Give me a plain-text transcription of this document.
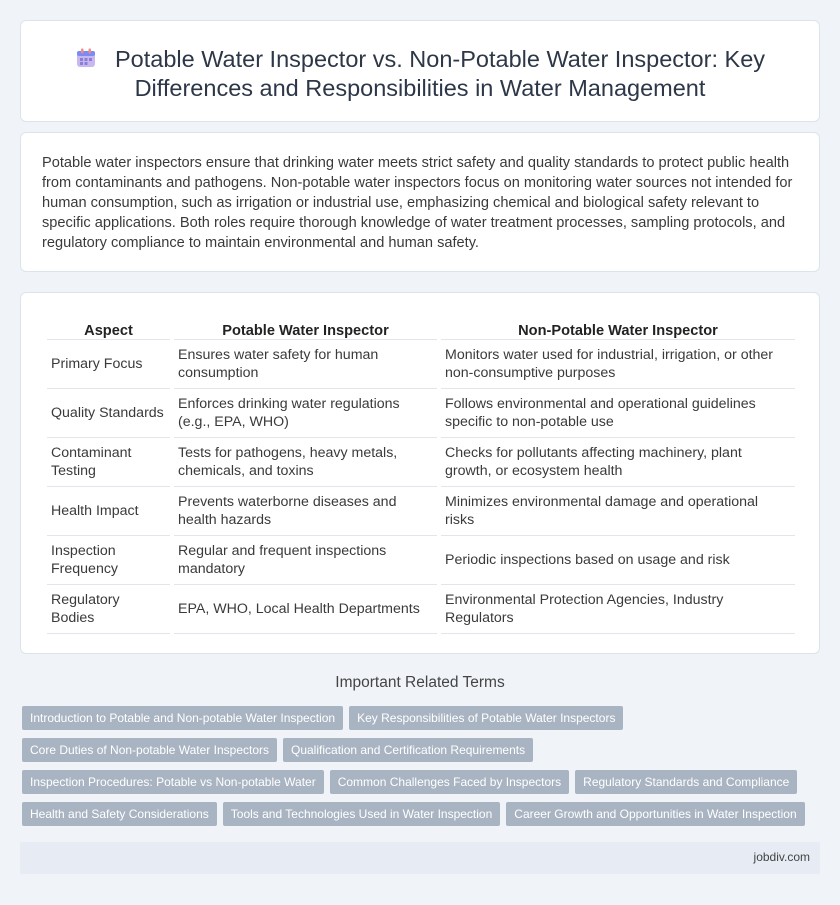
Potable Water Inspector vs. Non-Potable Water Inspector: Key Differences and Responsibilities in Water Management

Potable water inspectors ensure that drinking water meets strict safety and quality standards to protect public health from contaminants and pathogens. Non-potable water inspectors focus on monitoring water sources not intended for human consumption, such as irrigation or industrial use, emphasizing chemical and biological safety relevant to specific applications. Both roles require thorough knowledge of water treatment processes, sampling protocols, and regulatory compliance to maintain environmental and human safety.

Aspect	Potable Water Inspector	Non-Potable Water Inspector
Primary Focus	Ensures water safety for human consumption	Monitors water used for industrial, irrigation, or other non-consumptive purposes
Quality Standards	Enforces drinking water regulations (e.g., EPA, WHO)	Follows environmental and operational guidelines specific to non-potable use
Contaminant Testing	Tests for pathogens, heavy metals, chemicals, and toxins	Checks for pollutants affecting machinery, plant growth, or ecosystem health
Health Impact	Prevents waterborne diseases and health hazards	Minimizes environmental damage and operational risks
Inspection Frequency	Regular and frequent inspections mandatory	Periodic inspections based on usage and risk
Regulatory Bodies	EPA, WHO, Local Health Departments	Environmental Protection Agencies, Industry Regulators
Important Related Terms
Introduction to Potable and Non-potable Water Inspection	Key Responsibilities of Potable Water Inspectors
Core Duties of Non-potable Water Inspectors	Qualification and Certification Requirements
Inspection Procedures: Potable vs Non-potable Water	Common Challenges Faced by Inspectors	Regulatory Standards and Compliance
Health and Safety Considerations	Tools and Technologies Used in Water Inspection	Career Growth and Opportunities in Water Inspection
jobdiv.com
